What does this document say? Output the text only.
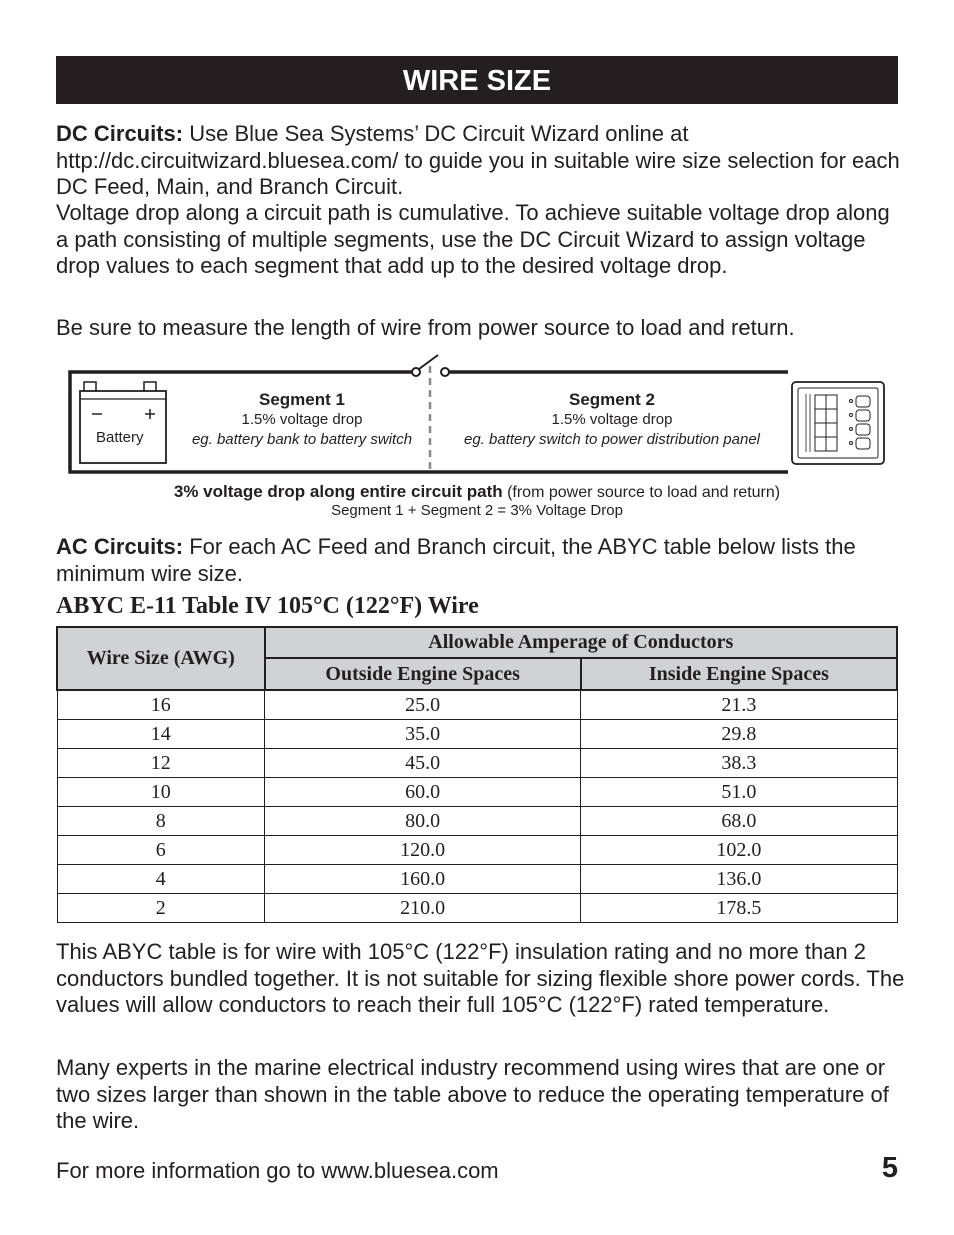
WIRE SIZE

DC Circuits: Use Blue Sea Systems’ DC Circuit Wizard online at http://dc.circuitwizard.bluesea.com/ to guide you in suitable wire size selection for each DC Feed, Main, and Branch Circuit.

Voltage drop along a circuit path is cumulative. To achieve suitable voltage drop along a path consisting of multiple segments, use the DC Circuit Wizard to assign voltage drop values to each segment that add up to the desired voltage drop.

Be sure to measure the length of wire from power source to load and return.

Battery
Segment 1
1.5% voltage drop
eg. battery bank to battery switch
Segment 2
1.5% voltage drop
eg. battery switch to power distribution panel
3% voltage drop along entire circuit path (from power source to load and return)
Segment 1 + Segment 2 = 3% Voltage Drop

AC Circuits: For each AC Feed and Branch circuit, the ABYC table below lists the minimum wire size.

ABYC E-11 Table IV 105°C (122°F) Wire
Wire Size (AWG)	Allowable Amperage of Conductors	
	Outside Engine Spaces	Inside Engine Spaces
16	25.0	21.3
14	35.0	29.8
12	45.0	38.3
10	60.0	51.0
8	80.0	68.0
6	120.0	102.0
4	160.0	136.0
2	210.0	178.5

This ABYC table is for wire with 105°C (122°F) insulation rating and no more than 2 conductors bundled together. It is not suitable for sizing flexible shore power cords. The values will allow conductors to reach their full 105°C (122°F) rated temperature.

Many experts in the marine electrical industry recommend using wires that are one or two sizes larger than shown in the table above to reduce the operating temperature of the wire.

For more information go to www.bluesea.com	5
